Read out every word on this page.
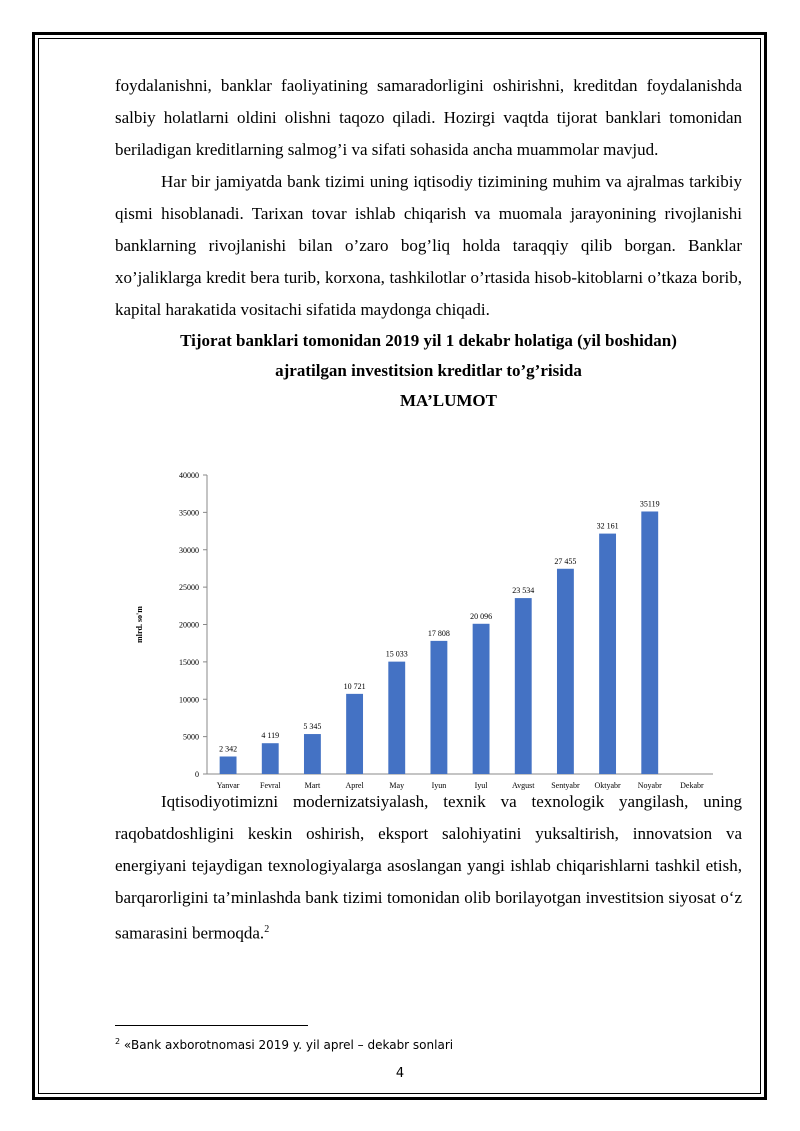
foydalanishni, banklar faoliyatining samaradorligini oshirishni, kreditdan foydalanishda salbiy holatlarni oldini olishni taqozo qiladi. Hozirgi vaqtda tijorat banklari tomonidan beriladigan kreditlarning salmog’i va sifati sohasida ancha muammolar mavjud.

Har bir jamiyatda bank tizimi uning iqtisodiy tizimining muhim va ajralmas tarkibiy qismi hisoblanadi. Tarixan tovar ishlab chiqarish va muomala jarayonining rivojlanishi banklarning rivojlanishi bilan o’zaro bog’liq holda taraqqiy qilib borgan. Banklar xo’jaliklarga kredit bera turib, korxona, tashkilotlar o’rtasida hisob-kitoblarni o’tkaza borib, kapital harakatida vositachi sifatida maydonga chiqadi.

Tijorat banklari tomonidan 2019 yil 1 dekabr holatiga (yil boshidan)

ajratilgan investitsion kreditlar to’g’risida

MA’LUMOT

0
5000
10000
15000
20000
25000
30000
35000
40000
mlrd. so'm
2 342
Yanvar
4 119
Fevral
5 345
Mart
10 721
Aprel
15 033
May
17 808
Iyun
20 096
Iyul
23 534
Avgust
27 455
Sentyabr
32 161
Oktyabr
35119
Noyabr Dekabr

Iqtisodiyotimizni modernizatsiyalash, texnik va texnologik yangilash, uning raqobatdoshligini keskin oshirish, eksport salohiyatini yuksaltirish, innovatsion va energiyani tejaydigan texnologiyalarga asoslangan yangi ishlab chiqarishlarni tashkil etish, barqarorligini ta’minlashda bank tizimi tomonidan olib borilayotgan investitsion siyosat o‘z samarasini bermoqda.$^2$

$^2$ «Bank axborotnomasi 2019 y. yil aprel – dekabr sonlari
4
